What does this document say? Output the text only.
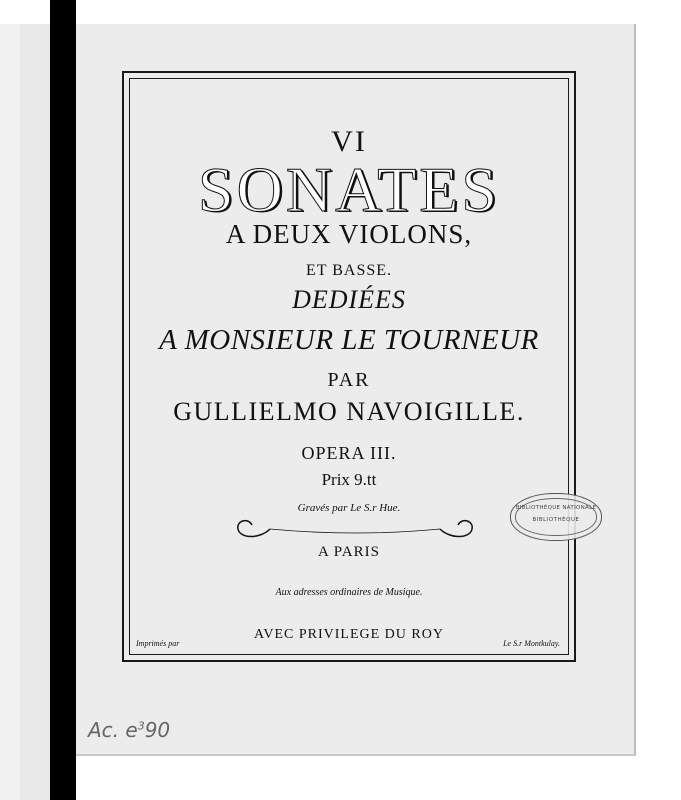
VI
SONATES
A DEUX VIOLONS,
ET BASSE.
DEDIÉES
A MONSIEUR LE TOURNEUR
PAR
GULLIELMO NAVOIGILLE.
OPERA III.
Prix 9.tt
Gravés par Le S.r Hue.
A PARIS
Aux adresses ordinaires de Musique.
AVEC PRIVILEGE DU ROY
Imprimés par	Le S.r Montkulay.
BIBLIOTHÈQUE NATIONALE
BIBLIOTHÈQUE
Ac. $e^390$
